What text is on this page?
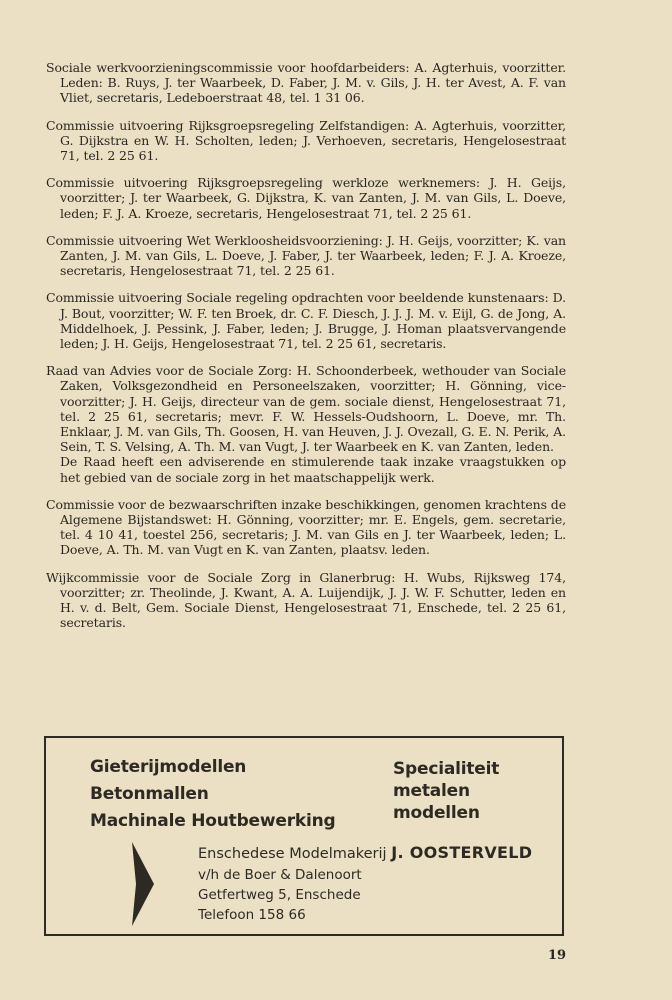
Sociale werkvoorzieningscommissie voor hoofdarbeiders: A. Agterhuis, voorzitter. Leden: B. Ruys, J. ter Waarbeek, D. Faber, J. M. v. Gils, J. H. ter Avest, A. F. van Vliet, secretaris, Ledeboerstraat 48, tel. 1 31 06.

Commissie uitvoering Rijksgroepsregeling Zelfstandigen: A. Agterhuis, voorzitter, G. Dijkstra en W. H. Scholten, leden; J. Verhoeven, secretaris, Hengelosestraat 71, tel. 2 25 61.

Commissie uitvoering Rijksgroepsregeling werkloze werknemers: J. H. Geijs, voorzitter; J. ter Waarbeek, G. Dijkstra, K. van Zanten, J. M. van Gils, L. Doeve, leden; F. J. A. Kroeze, secretaris, Hengelosestraat 71, tel. 2 25 61.

Commissie uitvoering Wet Werkloosheidsvoorziening: J. H. Geijs, voorzitter; K. van Zanten, J. M. van Gils, L. Doeve, J. Faber, J. ter Waarbeek, leden; F. J. A. Kroeze, secretaris, Hengelosestraat 71, tel. 2 25 61.

Commissie uitvoering Sociale regeling opdrachten voor beeldende kunstenaars: D. J. Bout, voorzitter; W. F. ten Broek, dr. C. F. Diesch, J. J. J. M. v. Eijl, G. de Jong, A. Middelhoek, J. Pessink, J. Faber, leden; J. Brugge, J. Homan plaatsvervangende leden; J. H. Geijs, Hengelosestraat 71, tel. 2 25 61, secretaris.

Raad van Advies voor de Sociale Zorg: H. Schoonderbeek, wethouder van Sociale Zaken, Volksgezondheid en Personeelszaken, voorzitter; H. Gönning, vice-voorzitter; J. H. Geijs, directeur van de gem. sociale dienst, Hengelosestraat 71, tel. 2 25 61, secretaris; mevr. F. W. Hessels-Oudshoorn, L. Doeve, mr. Th. Enklaar, J. M. van Gils, Th. Goosen, H. van Heuven, J. J. Ovezall, G. E. N. Perik, A. Sein, T. S. Velsing, A. Th. M. van Vugt, J. ter Waarbeek en K. van Zanten, leden.
De Raad heeft een adviserende en stimulerende taak inzake vraagstukken op het gebied van de sociale zorg in het maatschappelijk werk.

Commissie voor de bezwaarschriften inzake beschikkingen, genomen krachtens de Algemene Bijstandswet: H. Gönning, voorzitter; mr. E. Engels, gem. secretarie, tel. 4 10 41, toestel 256, secretaris; J. M. van Gils en J. ter Waarbeek, leden; L. Doeve, A. Th. M. van Vugt en K. van Zanten, plaatsv. leden.

Wijkcommissie voor de Sociale Zorg in Glanerbrug: H. Wubs, Rijksweg 174, voorzitter; zr. Theolinde, J. Kwant, A. A. Luijendijk, J. J. W. F. Schutter, leden en H. v. d. Belt, Gem. Sociale Dienst, Hengelosestraat 71, Enschede, tel. 2 25 61, secretaris.

Gieterijmodellen
Betonmallen
Machinale Houtbewerking
Specialiteit
metalen
modellen
Enschedese Modelmakerij J. OOSTERVELD
v/h de Boer & Dalenoort
Getfertweg 5, Enschede
Telefoon 158 66
19
